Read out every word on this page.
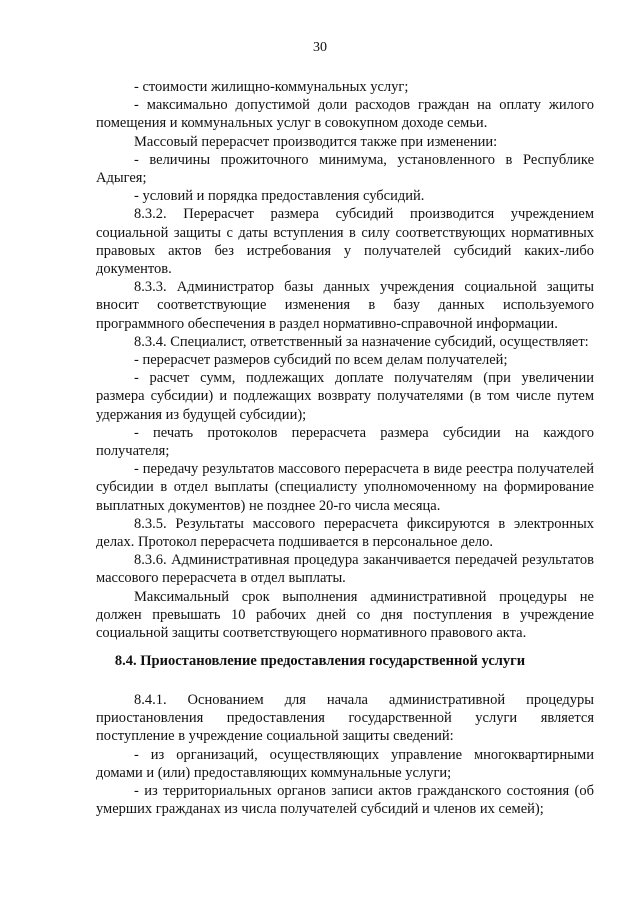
30

- стоимости жилищно-коммунальных услуг;

- максимально допустимой доли расходов граждан на оплату жилого помещения и коммунальных услуг в совокупном доходе семьи.

Массовый перерасчет производится также при изменении:

- величины прожиточного минимума, установленного в Республике Адыгея;

- условий и порядка предоставления субсидий.

8.3.2. Перерасчет размера субсидий производится учреждением социальной защиты с даты вступления в силу соответствующих нормативных правовых актов без истребования у получателей субсидий каких-либо документов.

8.3.3. Администратор базы данных учреждения социальной защиты вносит соответствующие изменения в базу данных используемого программного обеспечения в раздел нормативно-справочной информации.

8.3.4. Специалист, ответственный за назначение субсидий, осуществляет:

- перерасчет размеров субсидий по всем делам получателей;

- расчет сумм, подлежащих доплате получателям (при увеличении размера субсидии) и подлежащих возврату получателями (в том числе путем удержания из будущей субсидии);

- печать протоколов перерасчета размера субсидии на каждого получателя;

- передачу результатов массового перерасчета в виде реестра получателей субсидии в отдел выплаты (специалисту уполномоченному на формирование выплатных документов) не позднее 20-го числа месяца.

8.3.5. Результаты массового перерасчета фиксируются в электронных делах. Протокол перерасчета подшивается в персональное дело.

8.3.6. Административная процедура заканчивается передачей результатов массового перерасчета в отдел выплаты.

Максимальный срок выполнения административной процедуры не должен превышать 10 рабочих дней со дня поступления в учреждение социальной защиты соответствующего нормативного правового акта.

8.4. Приостановление предоставления государственной услуги

8.4.1. Основанием для начала административной процедуры приостановления предоставления государственной услуги является поступление в учреждение социальной защиты сведений:

- из организаций, осуществляющих управление многоквартирными домами и (или) предоставляющих коммунальные услуги;

- из территориальных органов записи актов гражданского состояния (об умерших гражданах из числа получателей субсидий и членов их семей);
